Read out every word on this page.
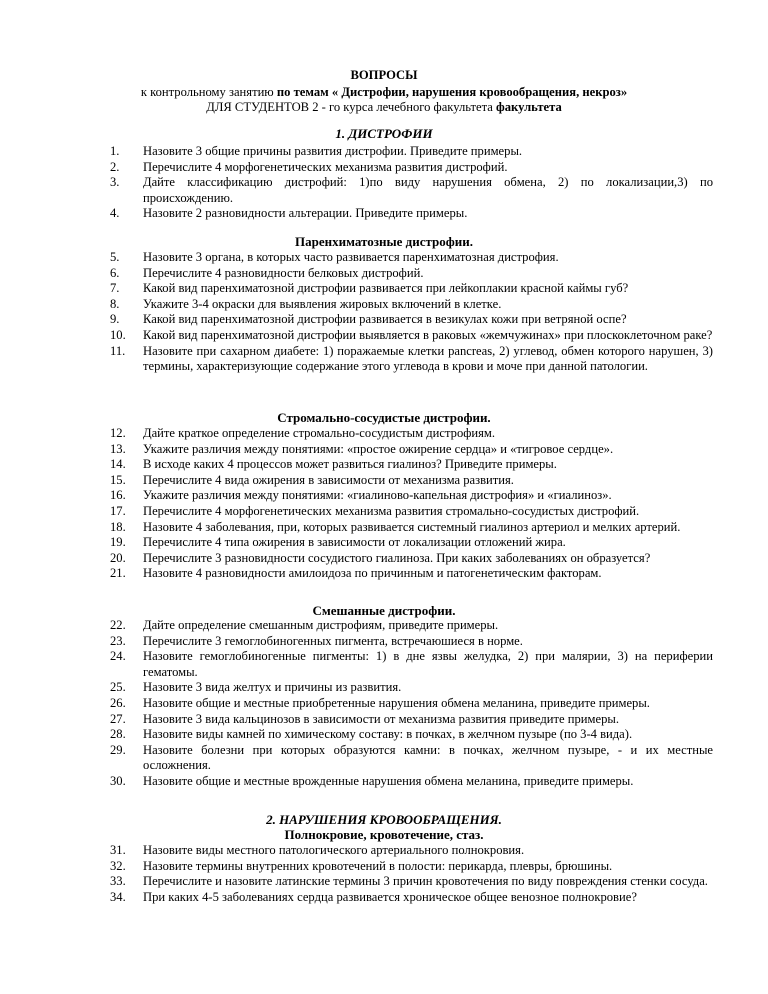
ВОПРОСЫ
к контрольному занятию по темам « Дистрофии, нарушения кровообращения, некроз»
ДЛЯ СТУДЕНТОВ 2 - го курса лечебного факультета факультета
1. ДИСТРОФИИ
1. Назовите 3 общие причины развития дистрофии. Приведите примеры.
2. Перечислите 4 морфогенетических механизма развития дистрофий.
3. Дайте классификацию дистрофий: 1)по виду нарушения обмена, 2) по локализации,3) по происхождению.
4. Назовите 2 разновидности альтерации. Приведите примеры.
Паренхиматозные дистрофии.
5. Назовите 3 органа, в которых часто развивается паренхиматозная дистрофия.
6. Перечислите 4 разновидности белковых дистрофий.
7. Какой вид паренхиматозной дистрофии развивается при лейкоплакии красной каймы губ?
8. Укажите 3-4 окраски для выявления жировых включений в клетке.
9. Какой вид паренхиматозной дистрофии развивается в везикулах кожи при ветряной оспе?
10. Какой вид паренхиматозной дистрофии выявляется в раковых «жемчужинах» при плоскоклеточном раке?
11. Назовите при сахарном диабете: 1) поражаемые клетки pancreas, 2) углевод, обмен которого нарушен, 3) термины, характеризующие содержание этого углевода в крови и моче при данной патологии.
Стромально-сосудистые дистрофии.
12. Дайте краткое определение стромально-сосудистым дистрофиям.
13. Укажите различия между понятиями: «простое ожирение сердца» и «тигровое сердце».
14. В исходе каких 4 процессов может развиться гиалиноз? Приведите примеры.
15. Перечислите 4 вида ожирения в зависимости от механизма развития.
16. Укажите различия между понятиями: «гиалиново-капельная дистрофия» и «гиалиноз».
17. Перечислите 4 морфогенетических механизма развития стромально-сосудистых дистрофий.
18. Назовите 4 заболевания, при, которых развивается системный гиалиноз артериол и мелких артерий.
19. Перечислите 4 типа ожирения в зависимости от локализации отложений жира.
20. Перечислите 3 разновидности сосудистого гиалиноза. При каких заболеваниях он образуется?
21. Назовите 4 разновидности амилоидоза по причинным и патогенетическим факторам.
Смешанные дистрофии.
22. Дайте определение смешанным дистрофиям, приведите примеры.
23. Перечислите 3 гемоглобиногенных пигмента, встречаюшиеся в норме.
24. Назовите гемоглобиногенные пигменты: 1) в дне язвы желудка, 2) при малярии, 3) на периферии гематомы.
25. Назовите 3 вида желтух и причины из развития.
26. Назовите общие и местные приобретенные нарушения обмена меланина, приведите примеры.
27. Назовите 3 вида кальцинозов в зависимости от механизма развития приведите примеры.
28. Назовите виды камней по химическому составу: в почках, в желчном пузыре (по 3-4 вида).
29. Назовите болезни при которых образуются камни: в почках, желчном пузыре, - и их местные осложнения.
30. Назовите общие и местные врожденные нарушения обмена меланина, приведите примеры.
2. НАРУШЕНИЯ КРОВООБРАЩЕНИЯ.
Полнокровие, кровотечение, стаз.
31. Назовите виды местного патологического артериального полнокровия.
32. Назовите термины внутренних кровотечений в полости: перикарда, плевры, брюшины.
33. Перечислите и назовите латинские термины 3 причин кровотечения по виду повреждения стенки сосуда.
34. При каких 4-5 заболеваниях сердца развивается хроническое общее венозное полнокровие?
